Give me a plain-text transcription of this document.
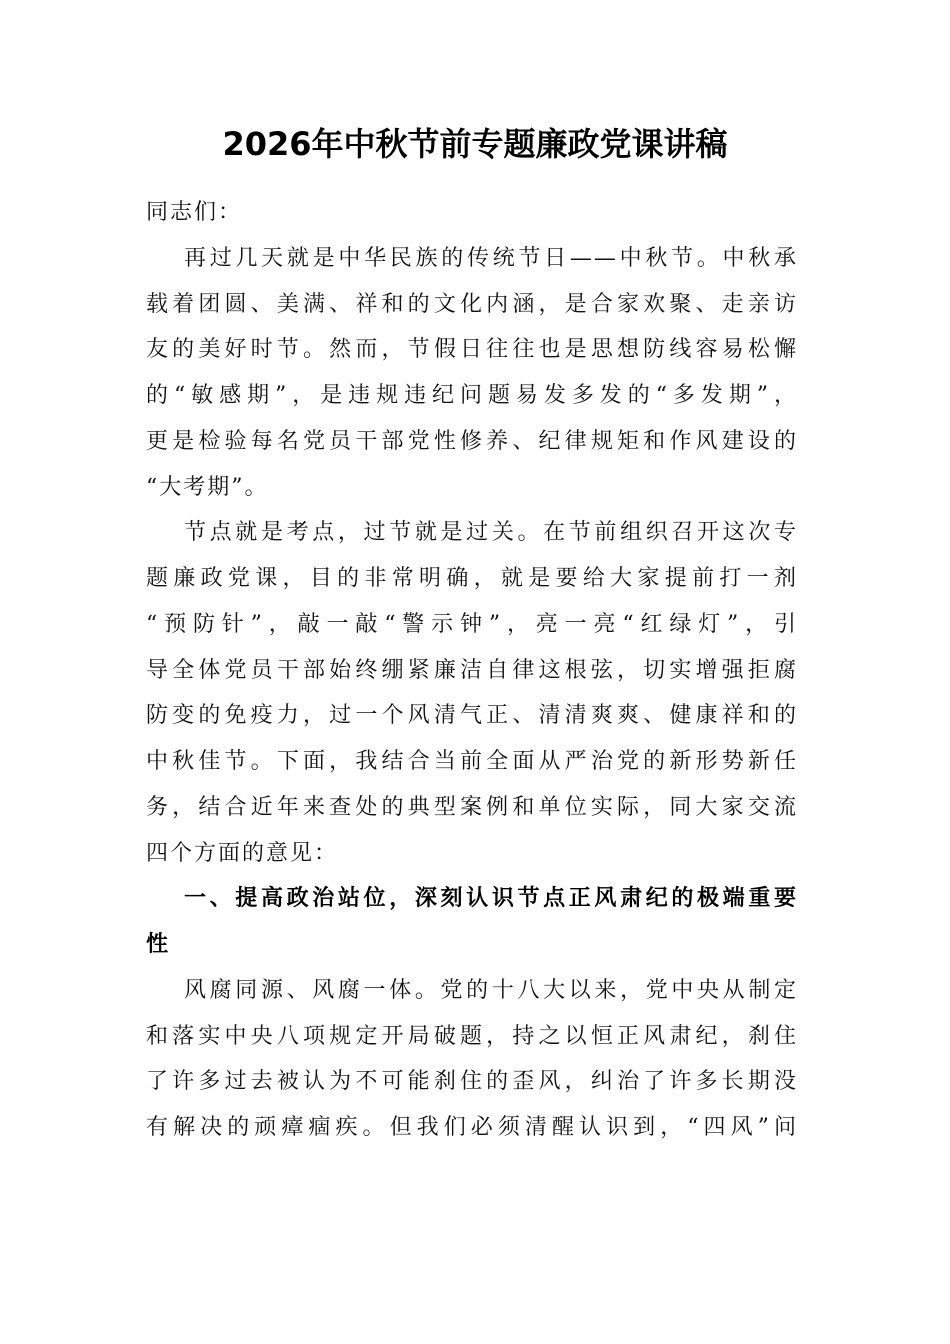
2026年中秋节前专题廉政党课讲稿
同志们：
再过几天就是中华民族的传统节日——中秋节。中秋承
载着团圆、美满、祥和的文化内涵，是合家欢聚、走亲访
友的美好时节。然而，节假日往往也是思想防线容易松懈
的“敏感期”，是违规违纪问题易发多发的“多发期”，
更是检验每名党员干部党性修养、纪律规矩和作风建设的
“大考期”。
节点就是考点，过节就是过关。在节前组织召开这次专
题廉政党课，目的非常明确，就是要给大家提前打一剂
“预防针”，敲一敲“警示钟”，亮一亮“红绿灯”，引
导全体党员干部始终绷紧廉洁自律这根弦，切实增强拒腐
防变的免疫力，过一个风清气正、清清爽爽、健康祥和的
中秋佳节。下面，我结合当前全面从严治党的新形势新任
务，结合近年来查处的典型案例和单位实际，同大家交流
四个方面的意见：
一、提高政治站位，深刻认识节点正风肃纪的极端重要
性
风腐同源、风腐一体。党的十八大以来，党中央从制定
和落实中央八项规定开局破题，持之以恒正风肃纪，刹住
了许多过去被认为不可能刹住的歪风，纠治了许多长期没
有解决的顽瘴痼疾。但我们必须清醒认识到，“四风”问
